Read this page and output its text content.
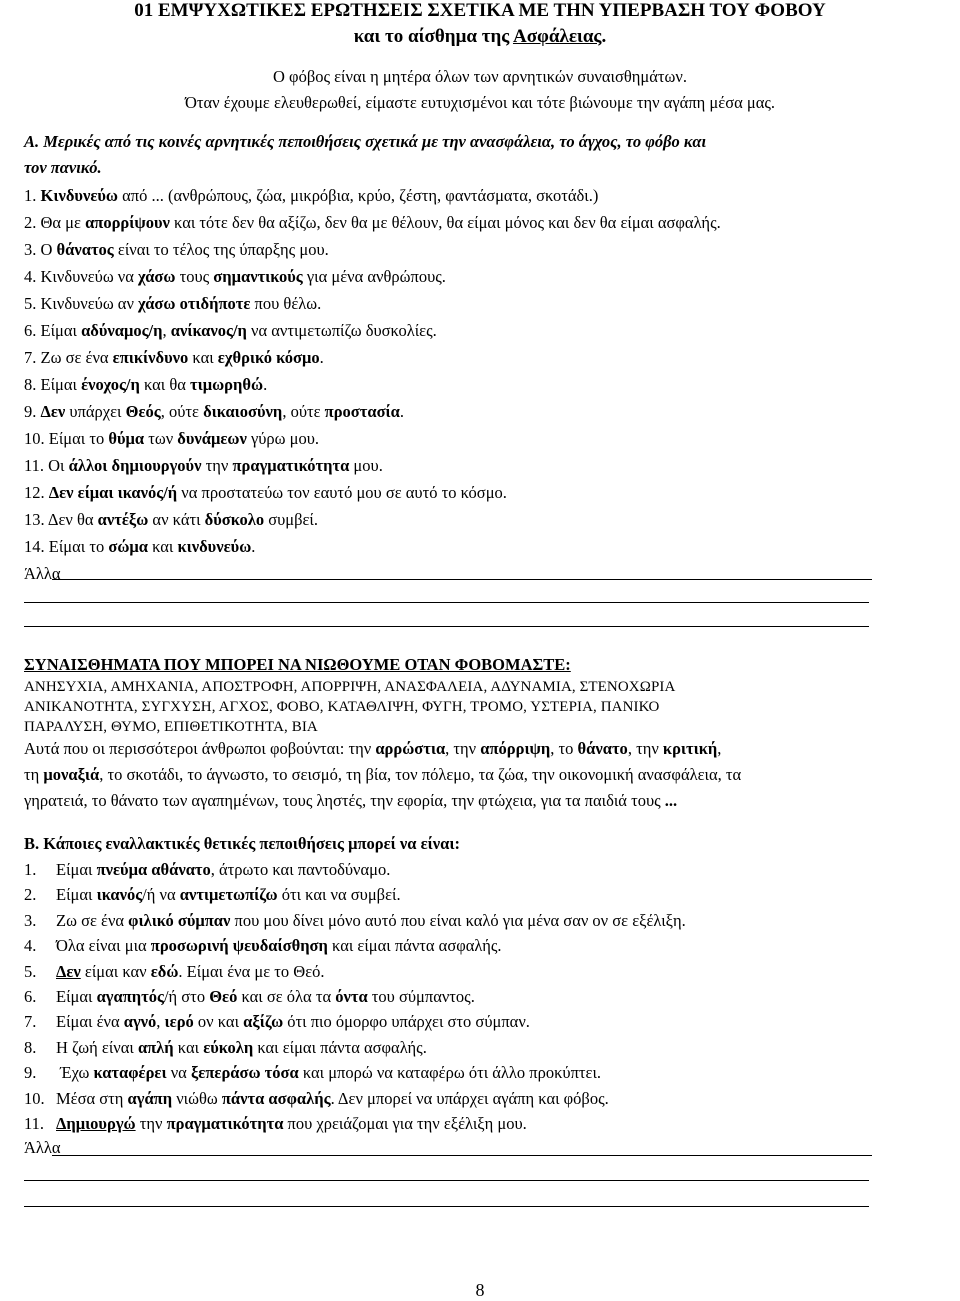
01 ΕΜΨΥΧΩΤΙΚΕΣ ΕΡΩΤΗΣΕΙΣ ΣΧΕΤΙΚΑ ΜΕ ΤΗΝ ΥΠΕΡΒΑΣΗ ΤΟΥ ΦΟΒΟΥ
και το αίσθημα της Ασφάλειας.
Ο φόβος είναι η μητέρα όλων των αρνητικών συναισθημάτων.
Όταν έχουμε ελευθερωθεί, είμαστε ευτυχισμένοι και τότε βιώνουμε την αγάπη μέσα μας.
Α. Μερικές από τις κοινές αρνητικές πεποιθήσεις σχετικά με την ανασφάλεια, το άγχος, το φόβο και
τον πανικό.
1. Κινδυνεύω από ... (ανθρώπους, ζώα, μικρόβια, κρύο, ζέστη, φαντάσματα, σκοτάδι.)
2. Θα με απορρίψουν και τότε δεν θα αξίζω, δεν θα με θέλουν, θα είμαι μόνος και δεν θα είμαι ασφαλής.
3. Ο θάνατος είναι το τέλος της ύπαρξης μου.
4. Κινδυνεύω να χάσω τους σημαντικούς για μένα ανθρώπους.
5. Κινδυνεύω αν χάσω οτιδήποτε που θέλω.
6. Είμαι αδύναμος/η, ανίκανος/η να αντιμετωπίζω δυσκολίες.
7. Ζω σε ένα επικίνδυνο και εχθρικό κόσμο.
8. Είμαι ένοχος/η και θα τιμωρηθώ.
9. Δεν υπάρχει Θεός, ούτε δικαιοσύνη, ούτε προστασία.
10. Είμαι το θύμα των δυνάμεων γύρω μου.
11. Οι άλλοι δημιουργούν την πραγματικότητα μου.
12. Δεν είμαι ικανός/ή να προστατεύω τον εαυτό μου σε αυτό το κόσμο.
13. Δεν θα αντέξω αν κάτι δύσκολο συμβεί.
14. Είμαι το σώμα και κινδυνεύω.
Άλλα
ΣΥΝΑΙΣΘΗΜΑΤΑ ΠΟΥ ΜΠΟΡΕΙ ΝΑ ΝΙΩΘΟΥΜΕ ΟΤΑΝ ΦΟΒΟΜΑΣΤΕ:
ΑΝΗΣΥΧΙΑ, ΑΜΗΧΑΝΙΑ, ΑΠΟΣΤΡΟΦΗ, ΑΠΟΡΡΙΨΗ, ΑΝΑΣΦΑΛΕΙΑ, ΑΔΥΝΑΜΙΑ, ΣΤΕΝΟΧΩΡΙΑ
ΑΝΙΚΑΝΟΤΗΤΑ, ΣΥΓΧΥΣΗ, ΑΓΧΟΣ, ΦΟΒΟ, ΚΑΤΑΘΛΙΨΗ, ΦΥΓΗ, ΤΡΟΜΟ, ΥΣΤΕΡΙΑ, ΠΑΝΙΚΟ
ΠΑΡΑΛΥΣΗ, ΘΥΜΟ, ΕΠΙΘΕΤΙΚΟΤΗΤΑ, ΒΙΑ
Αυτά που οι περισσότεροι άνθρωποι φοβούνται: την αρρώστια, την απόρριψη, το θάνατο, την κριτική,
τη μοναξιά, το σκοτάδι, το άγνωστο, το σεισμό, τη βία, τον πόλεμο, τα ζώα, την οικονομική ανασφάλεια, τα
γηρατειά, το θάνατο των αγαπημένων, τους ληστές, την εφορία, την φτώχεια, για τα παιδιά τους ...
Β. Κάποιες εναλλακτικές θετικές πεποιθήσεις μπορεί να είναι:
1. Είμαι πνεύμα αθάνατο, άτρωτο και παντοδύναμο.
2. Είμαι ικανός/ή να αντιμετωπίζω ότι και να συμβεί.
3. Ζω σε ένα φιλικό σύμπαν που μου δίνει μόνο αυτό που είναι καλό για μένα σαν ον σε εξέλιξη.
4. Όλα είναι μια προσωρινή ψευδαίσθηση και είμαι πάντα ασφαλής.
5. Δεν είμαι καν εδώ. Είμαι ένα με το Θεό.
6. Είμαι αγαπητός/ή στο Θεό και σε όλα τα όντα του σύμπαντος.
7. Είμαι ένα αγνό, ιερό ον και αξίζω ότι πιο όμορφο υπάρχει στο σύμπαν.
8. Η ζωή είναι απλή και εύκολη και είμαι πάντα ασφαλής.
9. Έχω καταφέρει να ξεπεράσω τόσα και μπορώ να καταφέρω ότι άλλο προκύπτει.
10. Μέσα στη αγάπη νιώθω πάντα ασφαλής. Δεν μπορεί να υπάρχει αγάπη και φόβος.
11. Δημιουργώ την πραγματικότητα που χρειάζομαι για την εξέλιξη μου.
Άλλα
8
